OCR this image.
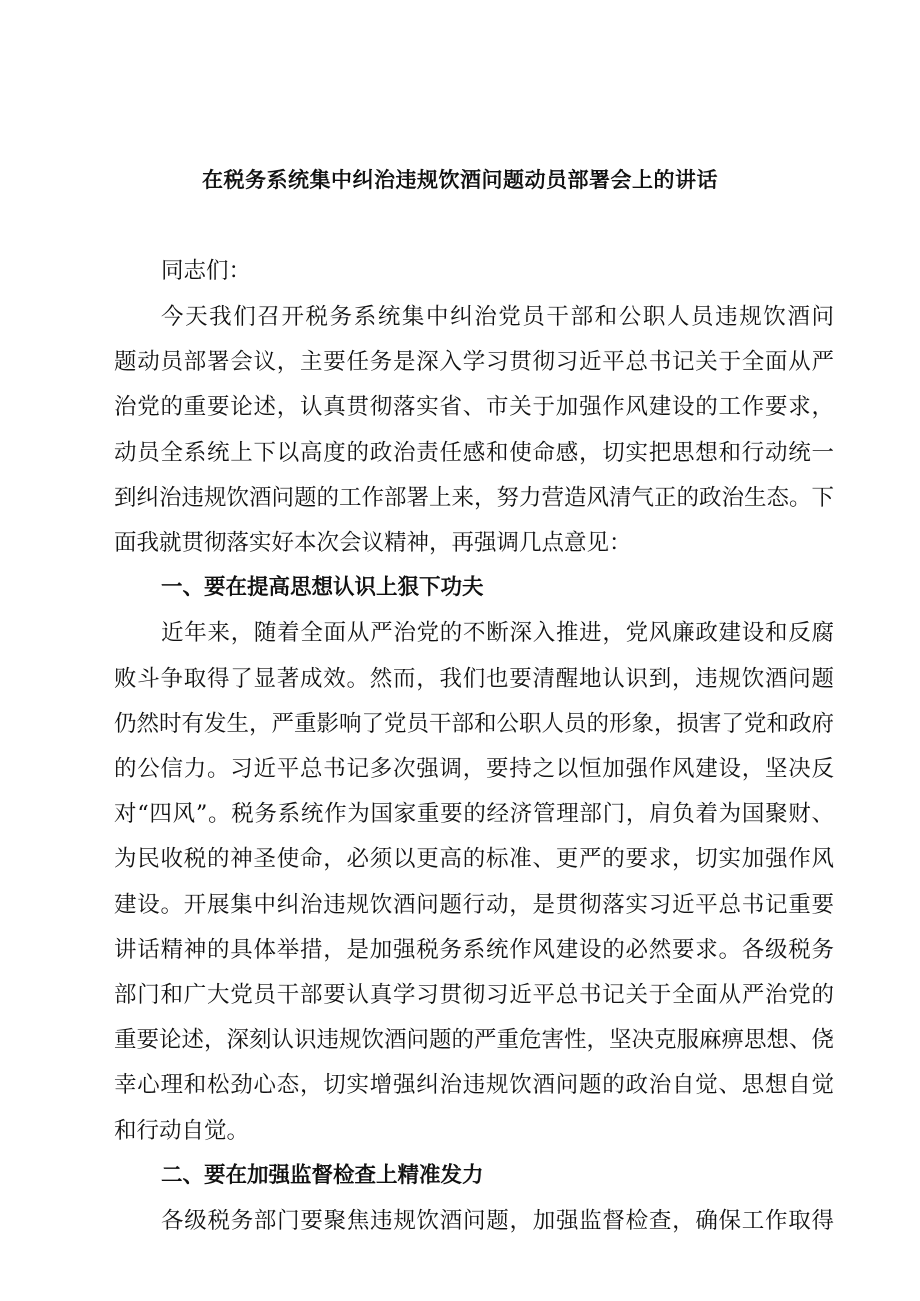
在税务系统集中纠治违规饮酒问题动员部署会上的讲话
同志们：
今天我们召开税务系统集中纠治党员干部和公职人员违规饮酒问
题动员部署会议，主要任务是深入学习贯彻习近平总书记关于全面从严
治党的重要论述，认真贯彻落实省、市关于加强作风建设的工作要求，
动员全系统上下以高度的政治责任感和使命感，切实把思想和行动统一
到纠治违规饮酒问题的工作部署上来，努力营造风清气正的政治生态。下
面我就贯彻落实好本次会议精神，再强调几点意见：
一、要在提高思想认识上狠下功夫
近年来，随着全面从严治党的不断深入推进，党风廉政建设和反腐
败斗争取得了显著成效。然而，我们也要清醒地认识到，违规饮酒问题
仍然时有发生，严重影响了党员干部和公职人员的形象，损害了党和政府
的公信力。习近平总书记多次强调，要持之以恒加强作风建设，坚决反
对“四风”。税务系统作为国家重要的经济管理部门，肩负着为国聚财、
为民收税的神圣使命，必须以更高的标准、更严的要求，切实加强作风
建设。开展集中纠治违规饮酒问题行动，是贯彻落实习近平总书记重要
讲话精神的具体举措，是加强税务系统作风建设的必然要求。各级税务
部门和广大党员干部要认真学习贯彻习近平总书记关于全面从严治党的
重要论述，深刻认识违规饮酒问题的严重危害性，坚决克服麻痹思想、侥
幸心理和松劲心态，切实增强纠治违规饮酒问题的政治自觉、思想自觉
和行动自觉。
二、要在加强监督检查上精准发力
各级税务部门要聚焦违规饮酒问题，加强监督检查，确保工作取得
